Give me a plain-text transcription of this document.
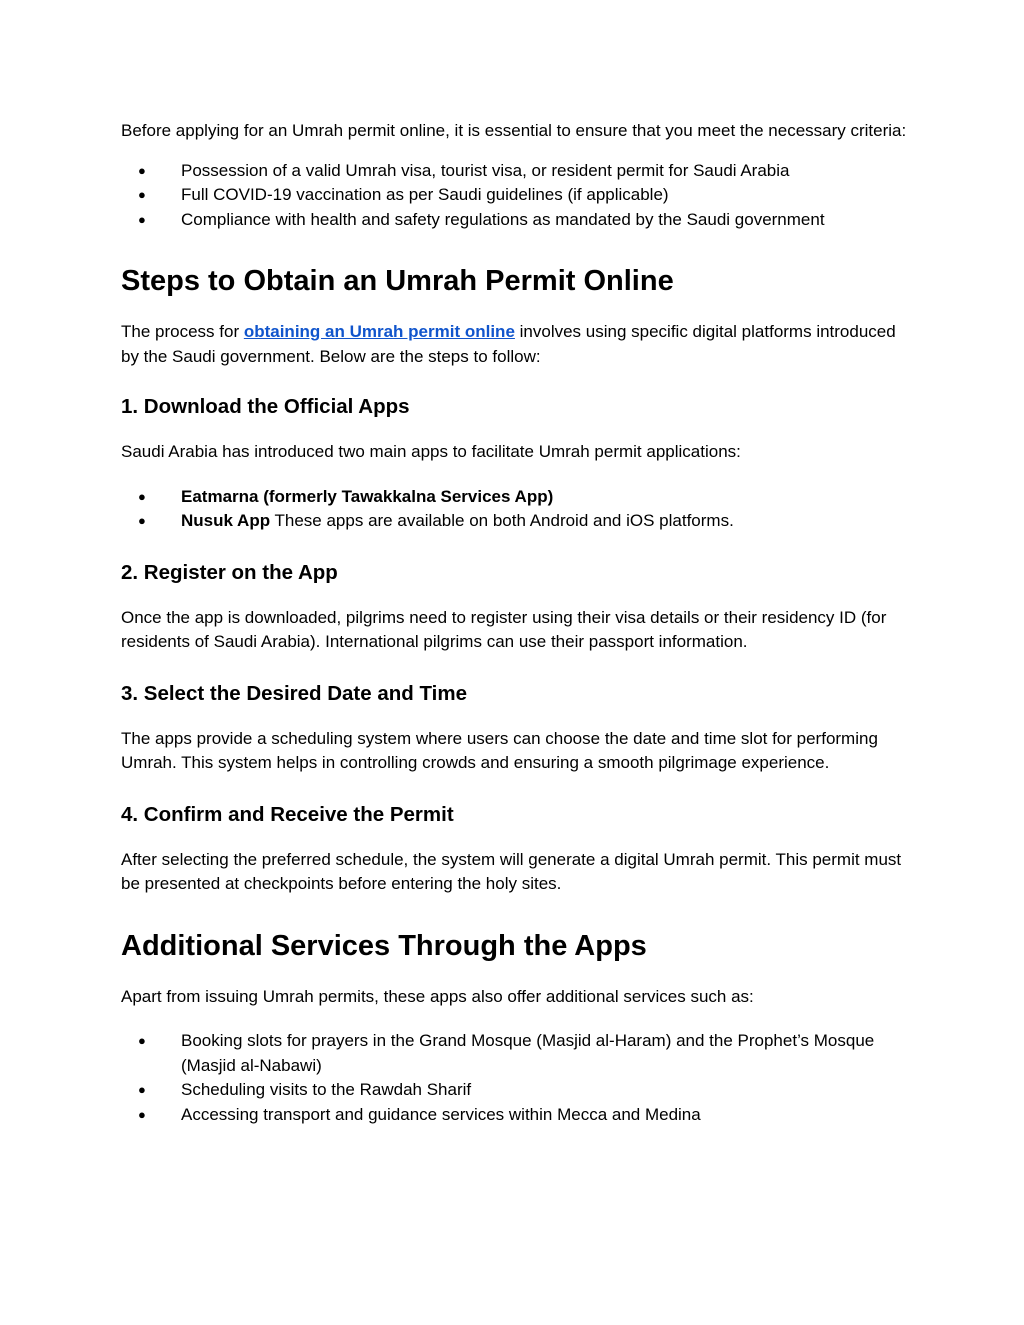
Before applying for an Umrah permit online, it is essential to ensure that you meet the necessary criteria:

● Possession of a valid Umrah visa, tourist visa, or resident permit for Saudi Arabia
● Full COVID-19 vaccination as per Saudi guidelines (if applicable)
● Compliance with health and safety regulations as mandated by the Saudi government
Steps to Obtain an Umrah Permit Online

The process for obtaining an Umrah permit online involves using specific digital platforms introduced by the Saudi government. Below are the steps to follow:

1. Download the Official Apps

Saudi Arabia has introduced two main apps to facilitate Umrah permit applications:

● Eatmarna (formerly Tawakkalna Services App)
● Nusuk App These apps are available on both Android and iOS platforms.
2. Register on the App

Once the app is downloaded, pilgrims need to register using their visa details or their residency ID (for residents of Saudi Arabia). International pilgrims can use their passport information.

3. Select the Desired Date and Time

The apps provide a scheduling system where users can choose the date and time slot for performing Umrah. This system helps in controlling crowds and ensuring a smooth pilgrimage experience.

4. Confirm and Receive the Permit

After selecting the preferred schedule, the system will generate a digital Umrah permit. This permit must be presented at checkpoints before entering the holy sites.

Additional Services Through the Apps

Apart from issuing Umrah permits, these apps also offer additional services such as:

● Booking slots for prayers in the Grand Mosque (Masjid al-Haram) and the Prophet’s Mosque (Masjid al-Nabawi)
● Scheduling visits to the Rawdah Sharif
● Accessing transport and guidance services within Mecca and Medina
